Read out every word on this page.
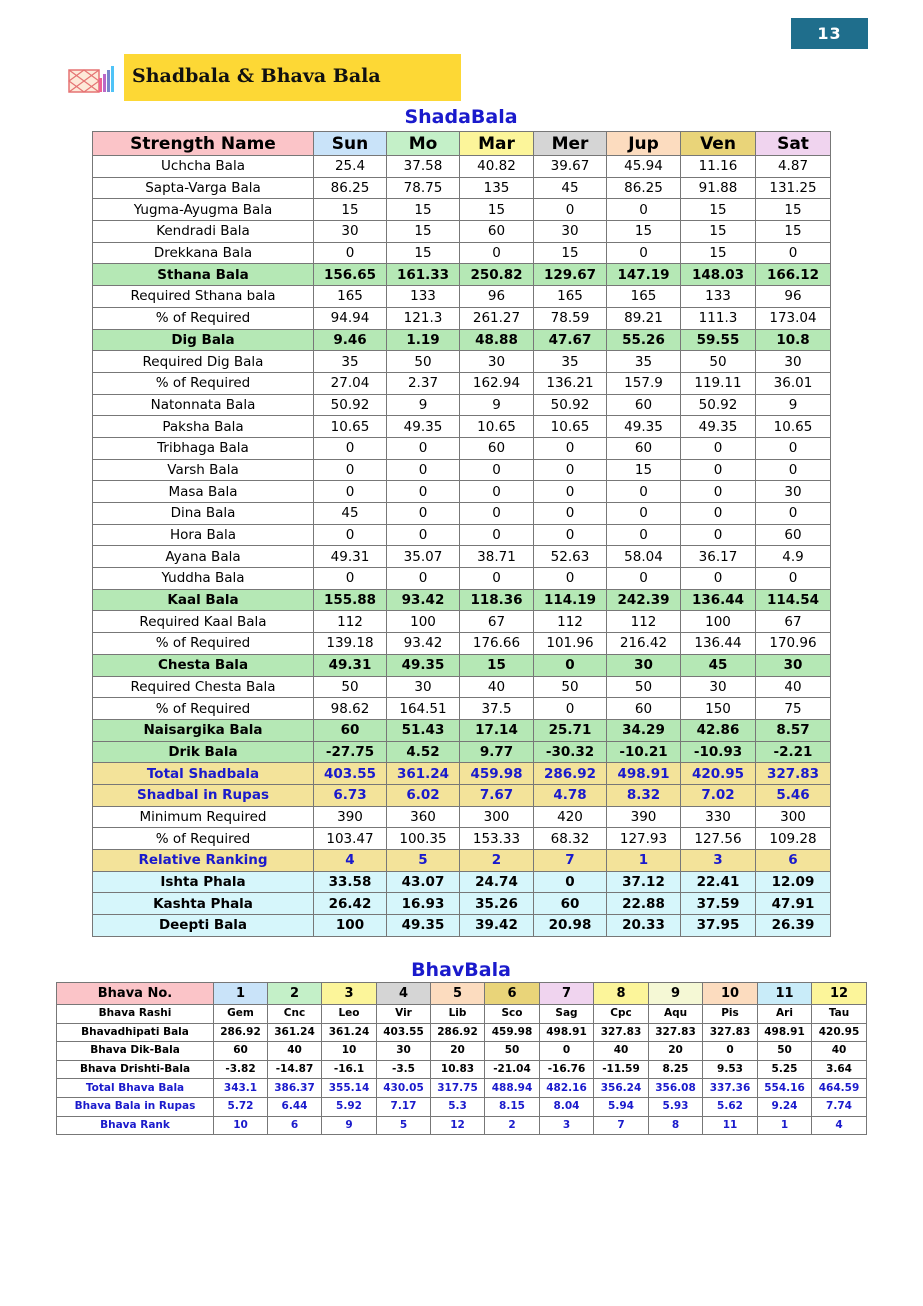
13
Shadbala & Bhava Bala
ShadaBala
Strength Name	Sun	Mo	Mar	Mer	Jup	Ven	Sat
Uchcha Bala	25.4	37.58	40.82	39.67	45.94	11.16	4.87
Sapta-Varga Bala	86.25	78.75	135	45	86.25	91.88	131.25
Yugma-Ayugma Bala	15	15	15	0	0	15	15
Kendradi Bala	30	15	60	30	15	15	15
Drekkana Bala	0	15	0	15	0	15	0
Sthana Bala	156.65	161.33	250.82	129.67	147.19	148.03	166.12
Required Sthana bala	165	133	96	165	165	133	96
% of Required	94.94	121.3	261.27	78.59	89.21	111.3	173.04
Dig Bala	9.46	1.19	48.88	47.67	55.26	59.55	10.8
Required Dig Bala	35	50	30	35	35	50	30
% of Required	27.04	2.37	162.94	136.21	157.9	119.11	36.01
Natonnata Bala	50.92	9	9	50.92	60	50.92	9
Paksha Bala	10.65	49.35	10.65	10.65	49.35	49.35	10.65
Tribhaga Bala	0	0	60	0	60	0	0
Varsh Bala	0	0	0	0	15	0	0
Masa Bala	0	0	0	0	0	0	30
Dina Bala	45	0	0	0	0	0	0
Hora Bala	0	0	0	0	0	0	60
Ayana Bala	49.31	35.07	38.71	52.63	58.04	36.17	4.9
Yuddha Bala	0	0	0	0	0	0	0
Kaal Bala	155.88	93.42	118.36	114.19	242.39	136.44	114.54
Required Kaal Bala	112	100	67	112	112	100	67
% of Required	139.18	93.42	176.66	101.96	216.42	136.44	170.96
Chesta Bala	49.31	49.35	15	0	30	45	30
Required Chesta Bala	50	30	40	50	50	30	40
% of Required	98.62	164.51	37.5	0	60	150	75
Naisargika Bala	60	51.43	17.14	25.71	34.29	42.86	8.57
Drik Bala	-27.75	4.52	9.77	-30.32	-10.21	-10.93	-2.21
Total Shadbala	403.55	361.24	459.98	286.92	498.91	420.95	327.83
Shadbal in Rupas	6.73	6.02	7.67	4.78	8.32	7.02	5.46
Minimum Required	390	360	300	420	390	330	300
% of Required	103.47	100.35	153.33	68.32	127.93	127.56	109.28
Relative Ranking	4	5	2	7	1	3	6
Ishta Phala	33.58	43.07	24.74	0	37.12	22.41	12.09
Kashta Phala	26.42	16.93	35.26	60	22.88	37.59	47.91
Deepti Bala	100	49.35	39.42	20.98	20.33	37.95	26.39
BhavBala
Bhava No.	1	2	3	4	5	6	7	8	9	10	11	12
Bhava Rashi	Gem	Cnc	Leo	Vir	Lib	Sco	Sag	Cpc	Aqu	Pis	Ari	Tau
Bhavadhipati Bala	286.92	361.24	361.24	403.55	286.92	459.98	498.91	327.83	327.83	327.83	498.91	420.95
Bhava Dik-Bala	60	40	10	30	20	50	0	40	20	0	50	40
Bhava Drishti-Bala	-3.82	-14.87	-16.1	-3.5	10.83	-21.04	-16.76	-11.59	8.25	9.53	5.25	3.64
Total Bhava Bala	343.1	386.37	355.14	430.05	317.75	488.94	482.16	356.24	356.08	337.36	554.16	464.59
Bhava Bala in Rupas	5.72	6.44	5.92	7.17	5.3	8.15	8.04	5.94	5.93	5.62	9.24	7.74
Bhava Rank	10	6	9	5	12	2	3	7	8	11	1	4
